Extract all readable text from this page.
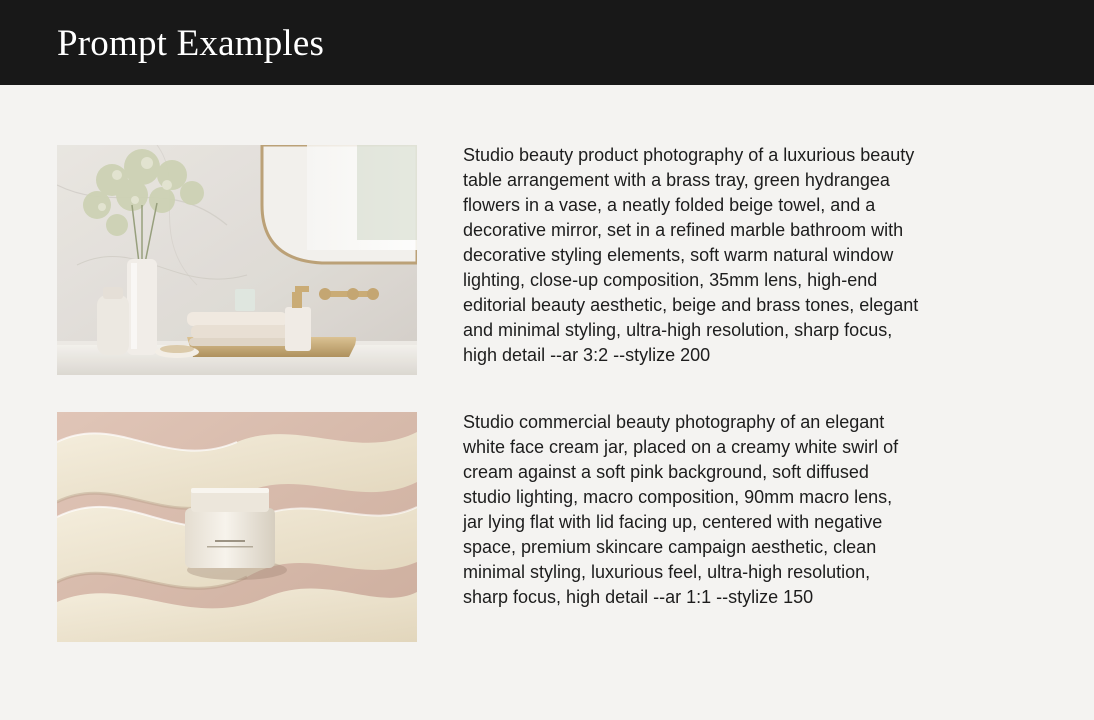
Prompt Examples

Studio beauty product photography of a luxurious beauty
table arrangement with a brass tray, green hydrangea
flowers in a vase, a neatly folded beige towel, and a
decorative mirror, set in a refined marble bathroom with
decorative styling elements, soft warm natural window
lighting, close-up composition, 35mm lens, high-end
editorial beauty aesthetic, beige and brass tones, elegant
and minimal styling, ultra-high resolution, sharp focus,
high detail --ar 3:2 --stylize 200

Studio commercial beauty photography of an elegant
white face cream jar, placed on a creamy white swirl of
cream against a soft pink background, soft diffused
studio lighting, macro composition, 90mm macro lens,
jar lying flat with lid facing up, centered with negative
space, premium skincare campaign aesthetic, clean
minimal styling, luxurious feel, ultra-high resolution,
sharp focus, high detail --ar 1:1 --stylize 150
